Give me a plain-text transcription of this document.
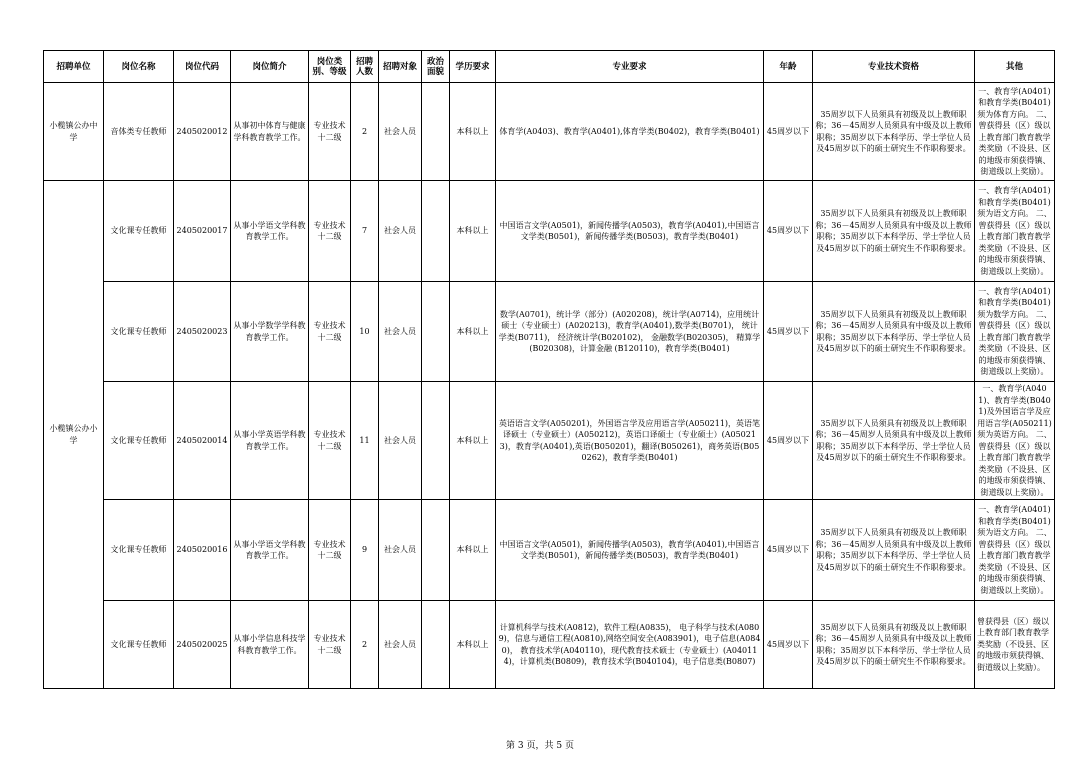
招聘单位	岗位名称	岗位代码	岗位简介	岗位类别、等级	招聘人数	招聘对象	政治面貌	学历要求	专业要求	年龄	专业技术资格	其他
小榄镇公办中学	音体类专任教师	2405020012	从事初中体育与健康学科教育教学工作。	专业技术十二级	2	社会人员		本科以上	体育学(A0403)、教育学(A0401),体育学类(B0402)，教育学类(B0401)	45周岁以下	35周岁以下人员须具有初级及以上教师职称；36－45周岁人员须具有中级及以上教师职称；35周岁以下本科学历、学士学位人员及45周岁以下的硕士研究生不作职称要求。	一、教育学(A0401)和教育学类(B0401)须为体育方向。 二、曾获得县（区）级以上教育部门教育教学类奖励（不设县、区的地级市须获得镇、街道级以上奖励）。
小榄镇公办小学	文化课专任教师	2405020017	从事小学语文学科教育教学工作。	专业技术十二级	7	社会人员		本科以上	中国语言文学(A0501)，新闻传播学(A0503)，教育学(A0401),中国语言文学类(B0501)，新闻传播学类(B0503)，教育学类(B0401)	45周岁以下	35周岁以下人员须具有初级及以上教师职称；36－45周岁人员须具有中级及以上教师职称；35周岁以下本科学历、学士学位人员及45周岁以下的硕士研究生不作职称要求。	一、教育学(A0401)和教育学类(B0401)须为语文方向。 二、曾获得县（区）级以上教育部门教育教学类奖励（不设县、区的地级市须获得镇、街道级以上奖励）。
	文化课专任教师	2405020023	从事小学数学学科教育教学工作。	专业技术十二级	10	社会人员		本科以上	数学(A0701)，统计学（部分）(A020208)，统计学(A0714)，应用统计硕士（专业硕士）(A020213)，教育学(A0401),数学类(B0701)， 统计学类(B0711)， 经济统计学(B020102)， 金融数学(B020305)， 精算学(B020308)，计算金融 (B120110)，教育学类(B0401)	45周岁以下	35周岁以下人员须具有初级及以上教师职称；36－45周岁人员须具有中级及以上教师职称；35周岁以下本科学历、学士学位人员及45周岁以下的硕士研究生不作职称要求。	一、教育学(A0401)和教育学类(B0401)须为数学方向。 二、曾获得县（区）级以上教育部门教育教学类奖励（不设县、区的地级市须获得镇、街道级以上奖励）。
	文化课专任教师	2405020014	从事小学英语学科教育教学工作。	专业技术十二级	11	社会人员		本科以上	英语语言文学(A050201)，外国语言学及应用语言学(A050211)，英语笔译硕士（专业硕士）(A050212)，英语口译硕士（专业硕士）(A050213)，教育学(A0401),英语(B050201)，翻译(B050261)，商务英语(B050262)，教育学类(B0401)	45周岁以下	35周岁以下人员须具有初级及以上教师职称；36－45周岁人员须具有中级及以上教师职称；35周岁以下本科学历、学士学位人员及45周岁以下的硕士研究生不作职称要求。	一、教育学(A0401)、教育学类(B0401)及外国语言学及应用语言学(A050211)须为英语方向。 二、曾获得县（区）级以上教育部门教育教学类奖励（不设县、区的地级市须获得镇、街道级以上奖励）。
	文化课专任教师	2405020016	从事小学语文学科教育教学工作。	专业技术十二级	9	社会人员		本科以上	中国语言文学(A0501)，新闻传播学(A0503)，教育学(A0401),中国语言文学类(B0501)，新闻传播学类(B0503)，教育学类(B0401)	45周岁以下	35周岁以下人员须具有初级及以上教师职称；36－45周岁人员须具有中级及以上教师职称；35周岁以下本科学历、学士学位人员及45周岁以下的硕士研究生不作职称要求。	一、教育学(A0401)和教育学类(B0401)须为语文方向。 二、曾获得县（区）级以上教育部门教育教学类奖励（不设县、区的地级市须获得镇、街道级以上奖励）。
	文化课专任教师	2405020025	从事小学信息科技学科教育教学工作。	专业技术十二级	2	社会人员		本科以上	计算机科学与技术(A0812)，软件工程(A0835)， 电子科学与技术(A0809)，信息与通信工程(A0810),网络空间安全(A083901)，电子信息(A0840)， 教育技术学(A040110)，现代教育技术硕士（专业硕士）(A040114)，计算机类(B0809)，教育技术学(B040104)，电子信息类(B0807)	45周岁以下	35周岁以下人员须具有初级及以上教师职称；36－45周岁人员须具有中级及以上教师职称；35周岁以下本科学历、学士学位人员及45周岁以下的硕士研究生不作职称要求。	曾获得县（区）级以上教育部门教育教学类奖励（不设县、区的地级市须获得镇、街道级以上奖励）。
第 3 页，共 5 页
